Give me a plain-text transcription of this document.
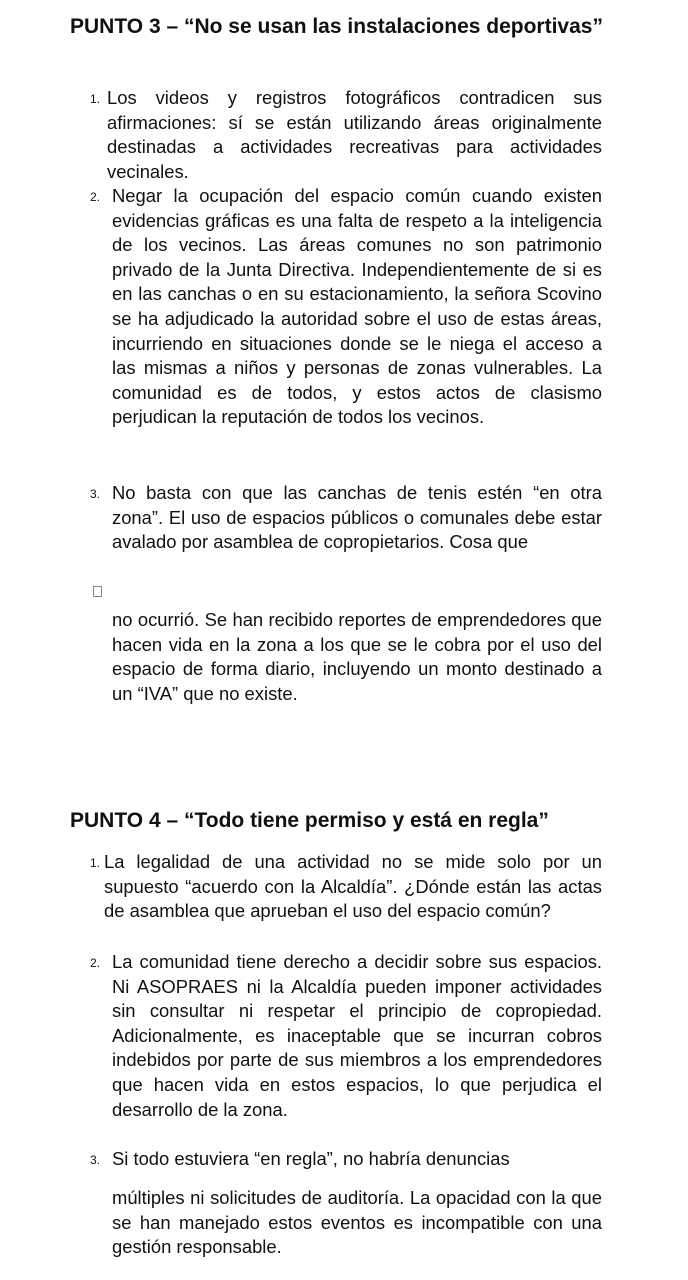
PUNTO 3 – “No se usan las instalaciones deportivas”
1. Los videos y registros fotográficos contradicen sus afirmaciones: sí se están utilizando áreas originalmente destinadas a actividades recreativas para actividades vecinales.

2. Negar la ocupación del espacio común cuando existen evidencias gráficas es una falta de respeto a la inteligencia de los vecinos. Las áreas comunes no son patrimonio privado de la Junta Directiva. Independientemente de si es en las canchas o en su estacionamiento, la señora Scovino se ha adjudicado la autoridad sobre el uso de estas áreas, incurriendo en situaciones donde se le niega el acceso a las mismas a niños y personas de zonas vulnerables. La comunidad es de todos, y estos actos de clasismo perjudican la reputación de todos los vecinos.

3. No basta con que las canchas de tenis estén “en otra zona”. El uso de espacios públicos o comunales debe estar avalado por asamblea de copropietarios. Cosa que

no ocurrió. Se han recibido reportes de emprendedores que hacen vida en la zona a los que se le cobra por el uso del espacio de forma diario, incluyendo un monto destinado a un “IVA” que no existe.

PUNTO 4 – “Todo tiene permiso y está en regla”
1. La legalidad de una actividad no se mide solo por un supuesto “acuerdo con la Alcaldía”. ¿Dónde están las actas de asamblea que aprueban el uso del espacio común?

2. La comunidad tiene derecho a decidir sobre sus espacios. Ni ASOPRAES ni la Alcaldía pueden imponer actividades sin consultar ni respetar el principio de copropiedad. Adicionalmente, es inaceptable que se incurran cobros indebidos por parte de sus miembros a los emprendedores que hacen vida en estos espacios, lo que perjudica el desarrollo de la zona.

3. Si todo estuviera “en regla”, no habría denuncias

múltiples ni solicitudes de auditoría. La opacidad con la que se han manejado estos eventos es incompatible con una gestión responsable.
